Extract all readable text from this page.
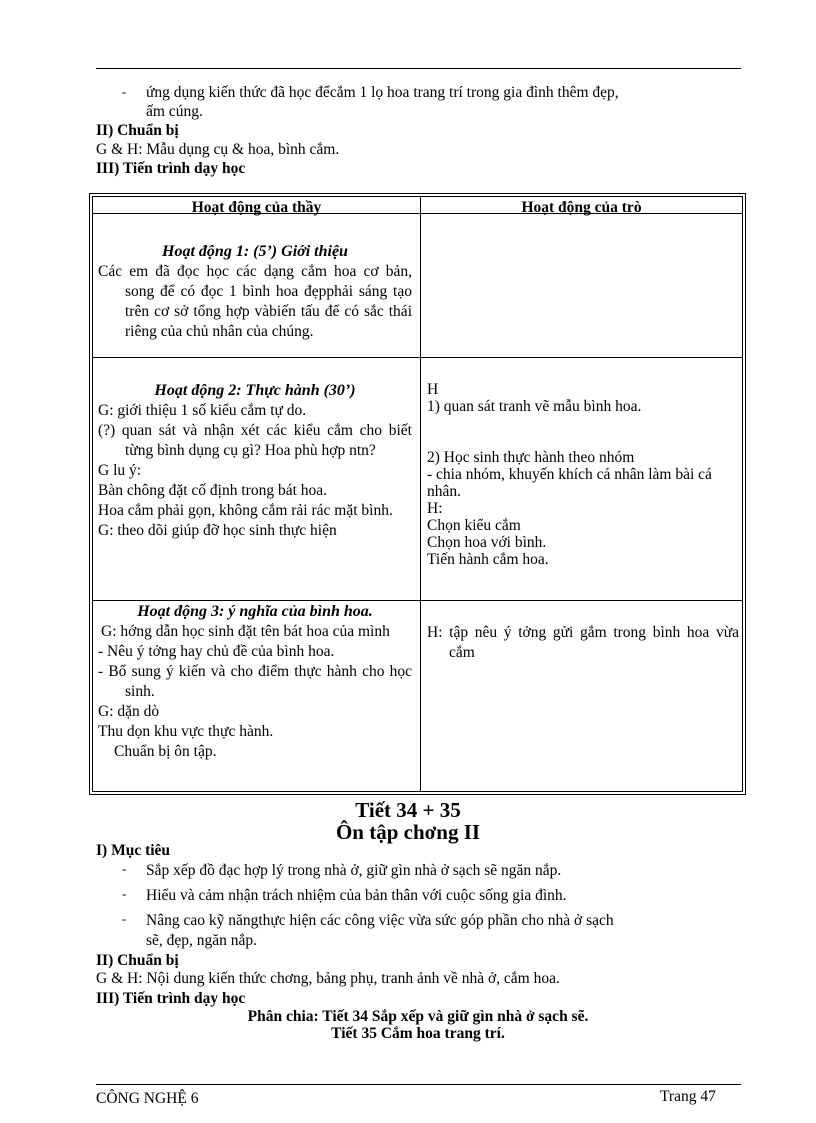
- ứng dụng kiến thức đã học đểcắm 1 lọ hoa trang trí trong gia đình thêm đẹp,
ấm cúng.
II) Chuẩn bị
G & H: Mẫu dụng cụ & hoa, bình cắm.
III) Tiến trình dạy học
Hoạt động của thầy	Hoạt động của trò

Hoạt động 1: (5’) Giới thiệu

Các em đã đọc học các dạng cắm hoa cơ bản, song để có đọc 1 bình hoa đẹpphải sáng tạo trên cơ sở tổng hợp vàbiến tấu để có sắc thái riêng của chủ nhân của chúng.

Hoạt động 2: Thực hành (30’)

G: giới thiệu 1 số kiểu cắm tự do.

(?) quan sát và nhận xét các kiểu cắm cho biết từng bình dụng cụ gì? Hoa phù hợp ntn?

G lu ý:

Bàn chông đặt cố định trong bát hoa.

Hoa cắm phải gọn, không cắm rải rác mặt bình.

G: theo dõi giúp đỡ học sinh thực hiện

H

1) quan sát tranh vẽ mẫu bình hoa.

2) Học sinh thực hành theo nhóm

- chia nhóm, khuyến khích cá nhân làm bài cá nhân.

H:

Chọn kiểu cắm

Chọn hoa với bình.

Tiến hành cắm hoa.

Hoạt động 3: ý nghĩa của bình hoa.

G: hớng dẫn học sinh đặt tên bát hoa của mình

- Nêu ý tởng hay chủ đề của bình hoa.

- Bổ sung ý kiến và cho điểm thực hành cho học sinh.

G: dặn dò

Thu dọn khu vực thực hành.

Chuẩn bị ôn tập.

H: tập nêu ý tởng gửi gắm trong bình hoa vừa cắm

Tiết 34 + 35
Ôn tập chơng II
I) Mục tiêu
- Sắp xếp đồ đạc hợp lý trong nhà ở, giữ gìn nhà ở sạch sẽ ngăn nắp.
- Hiểu và cảm nhận trách nhiệm của bản thân với cuộc sống gia đình.
- Nâng cao kỹ năngthực hiện các công việc vừa sức góp phần cho nhà ở sạch
sẽ, đẹp, ngăn nắp.
II) Chuẩn bị
G & H: Nội dung kiến thức chơng, bảng phụ, tranh ảnh về nhà ở, cắm hoa.
III) Tiến trình dạy học
Phân chia: Tiết 34 Sắp xếp và giữ gìn nhà ở sạch sẽ.
Tiết 35 Cắm hoa trang trí.
CÔNG NGHỆ 6	Trang 47
